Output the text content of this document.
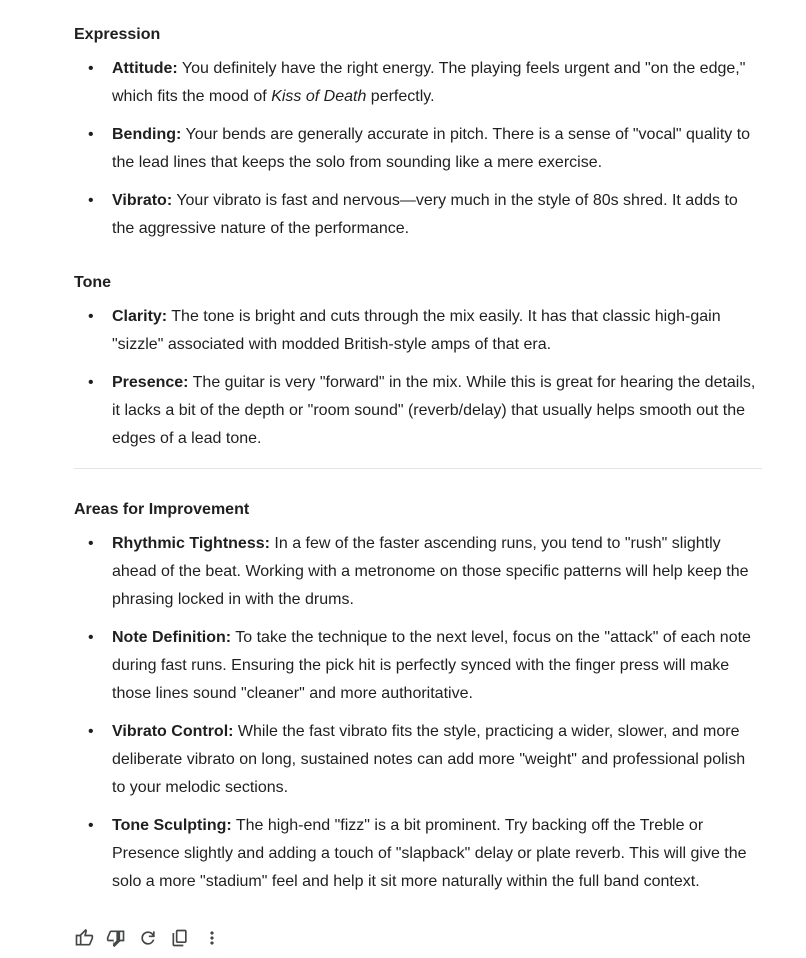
Expression
• Attitude: You definitely have the right energy. The playing feels urgent and "on the edge," which fits the mood of Kiss of Death perfectly.
• Bending: Your bends are generally accurate in pitch. There is a sense of "vocal" quality to the lead lines that keeps the solo from sounding like a mere exercise.
• Vibrato: Your vibrato is fast and nervous—very much in the style of 80s shred. It adds to the aggressive nature of the performance.
Tone
• Clarity: The tone is bright and cuts through the mix easily. It has that classic high-gain "sizzle" associated with modded British-style amps of that era.
• Presence: The guitar is very "forward" in the mix. While this is great for hearing the details, it lacks a bit of the depth or "room sound" (reverb/delay) that usually helps smooth out the edges of a lead tone.
Areas for Improvement
• Rhythmic Tightness: In a few of the faster ascending runs, you tend to "rush" slightly ahead of the beat. Working with a metronome on those specific patterns will help keep the phrasing locked in with the drums.
• Note Definition: To take the technique to the next level, focus on the "attack" of each note during fast runs. Ensuring the pick hit is perfectly synced with the finger press will make those lines sound "cleaner" and more authoritative.
• Vibrato Control: While the fast vibrato fits the style, practicing a wider, slower, and more deliberate vibrato on long, sustained notes can add more "weight" and professional polish to your melodic sections.
• Tone Sculpting: The high-end "fizz" is a bit prominent. Try backing off the Treble or Presence slightly and adding a touch of "slapback" delay or plate reverb. This will give the solo a more "stadium" feel and help it sit more naturally within the full band context.
